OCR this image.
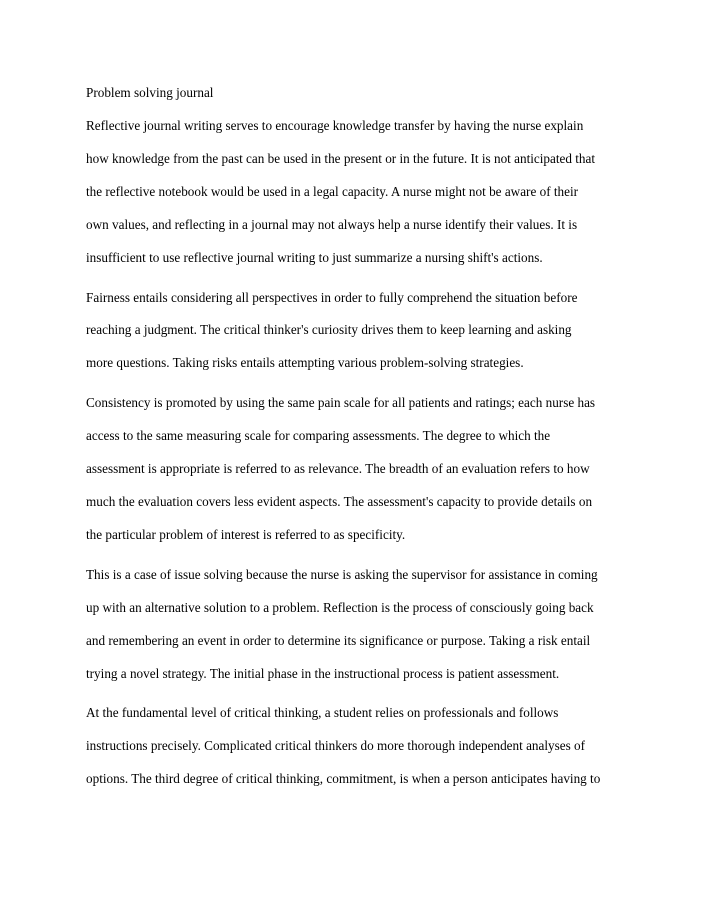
Problem solving journal
Reflective journal writing serves to encourage knowledge transfer by having the nurse explain
how knowledge from the past can be used in the present or in the future. It is not anticipated that
the reflective notebook would be used in a legal capacity. A nurse might not be aware of their
own values, and reflecting in a journal may not always help a nurse identify their values. It is
insufficient to use reflective journal writing to just summarize a nursing shift's actions.
Fairness entails considering all perspectives in order to fully comprehend the situation before
reaching a judgment. The critical thinker's curiosity drives them to keep learning and asking
more questions. Taking risks entails attempting various problem-solving strategies.
Consistency is promoted by using the same pain scale for all patients and ratings; each nurse has
access to the same measuring scale for comparing assessments. The degree to which the
assessment is appropriate is referred to as relevance. The breadth of an evaluation refers to how
much the evaluation covers less evident aspects. The assessment's capacity to provide details on
the particular problem of interest is referred to as specificity.
This is a case of issue solving because the nurse is asking the supervisor for assistance in coming
up with an alternative solution to a problem. Reflection is the process of consciously going back
and remembering an event in order to determine its significance or purpose. Taking a risk entail
trying a novel strategy. The initial phase in the instructional process is patient assessment.
At the fundamental level of critical thinking, a student relies on professionals and follows
instructions precisely. Complicated critical thinkers do more thorough independent analyses of
options. The third degree of critical thinking, commitment, is when a person anticipates having to
